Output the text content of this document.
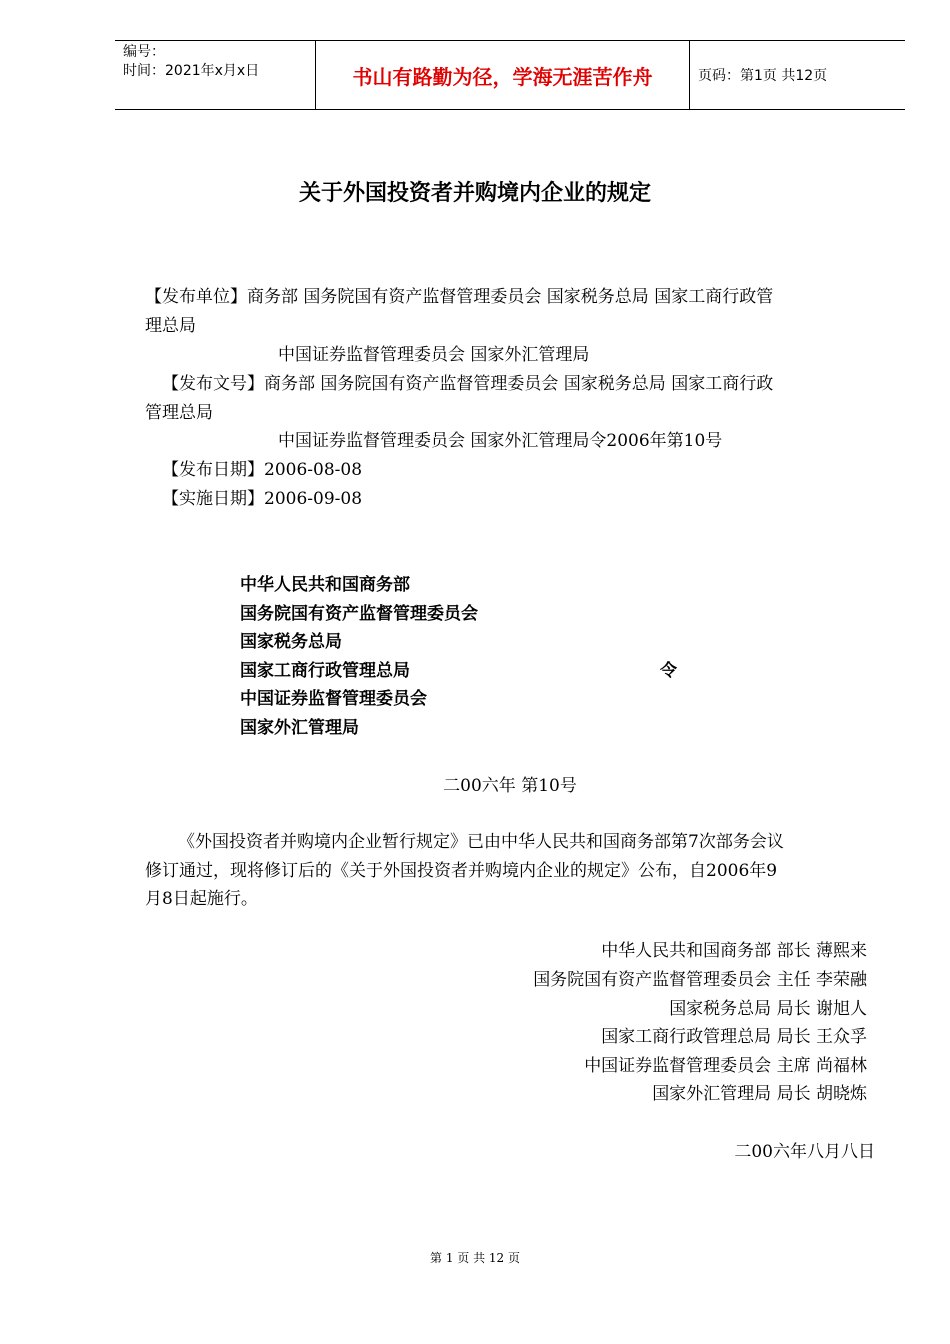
编号：
时间：2021年x月x日	书山有路勤为径，学海无涯苦作舟	页码：第1页 共12页
关于外国投资者并购境内企业的规定
【发布单位】商务部 国务院国有资产监督管理委员会 国家税务总局 国家工商行政管
理总局
中国证券监督管理委员会 国家外汇管理局
【发布文号】商务部 国务院国有资产监督管理委员会 国家税务总局 国家工商行政
管理总局
中国证券监督管理委员会 国家外汇管理局令2006年第10号
【发布日期】2006-08-08
【实施日期】2006-09-08
中华人民共和国商务部
国务院国有资产监督管理委员会
国家税务总局
国家工商行政管理总局	令
中国证券监督管理委员会
国家外汇管理局
二00六年 第10号
《外国投资者并购境内企业暂行规定》已由中华人民共和国商务部第7次部务会议
修订通过，现将修订后的《关于外国投资者并购境内企业的规定》公布，自2006年9
月8日起施行。
中华人民共和国商务部 部长 薄熙来
国务院国有资产监督管理委员会 主任 李荣融
国家税务总局 局长 谢旭人
国家工商行政管理总局 局长 王众孚
中国证券监督管理委员会 主席 尚福林
国家外汇管理局 局长 胡晓炼
二00六年八月八日
第 1 页 共 12 页
